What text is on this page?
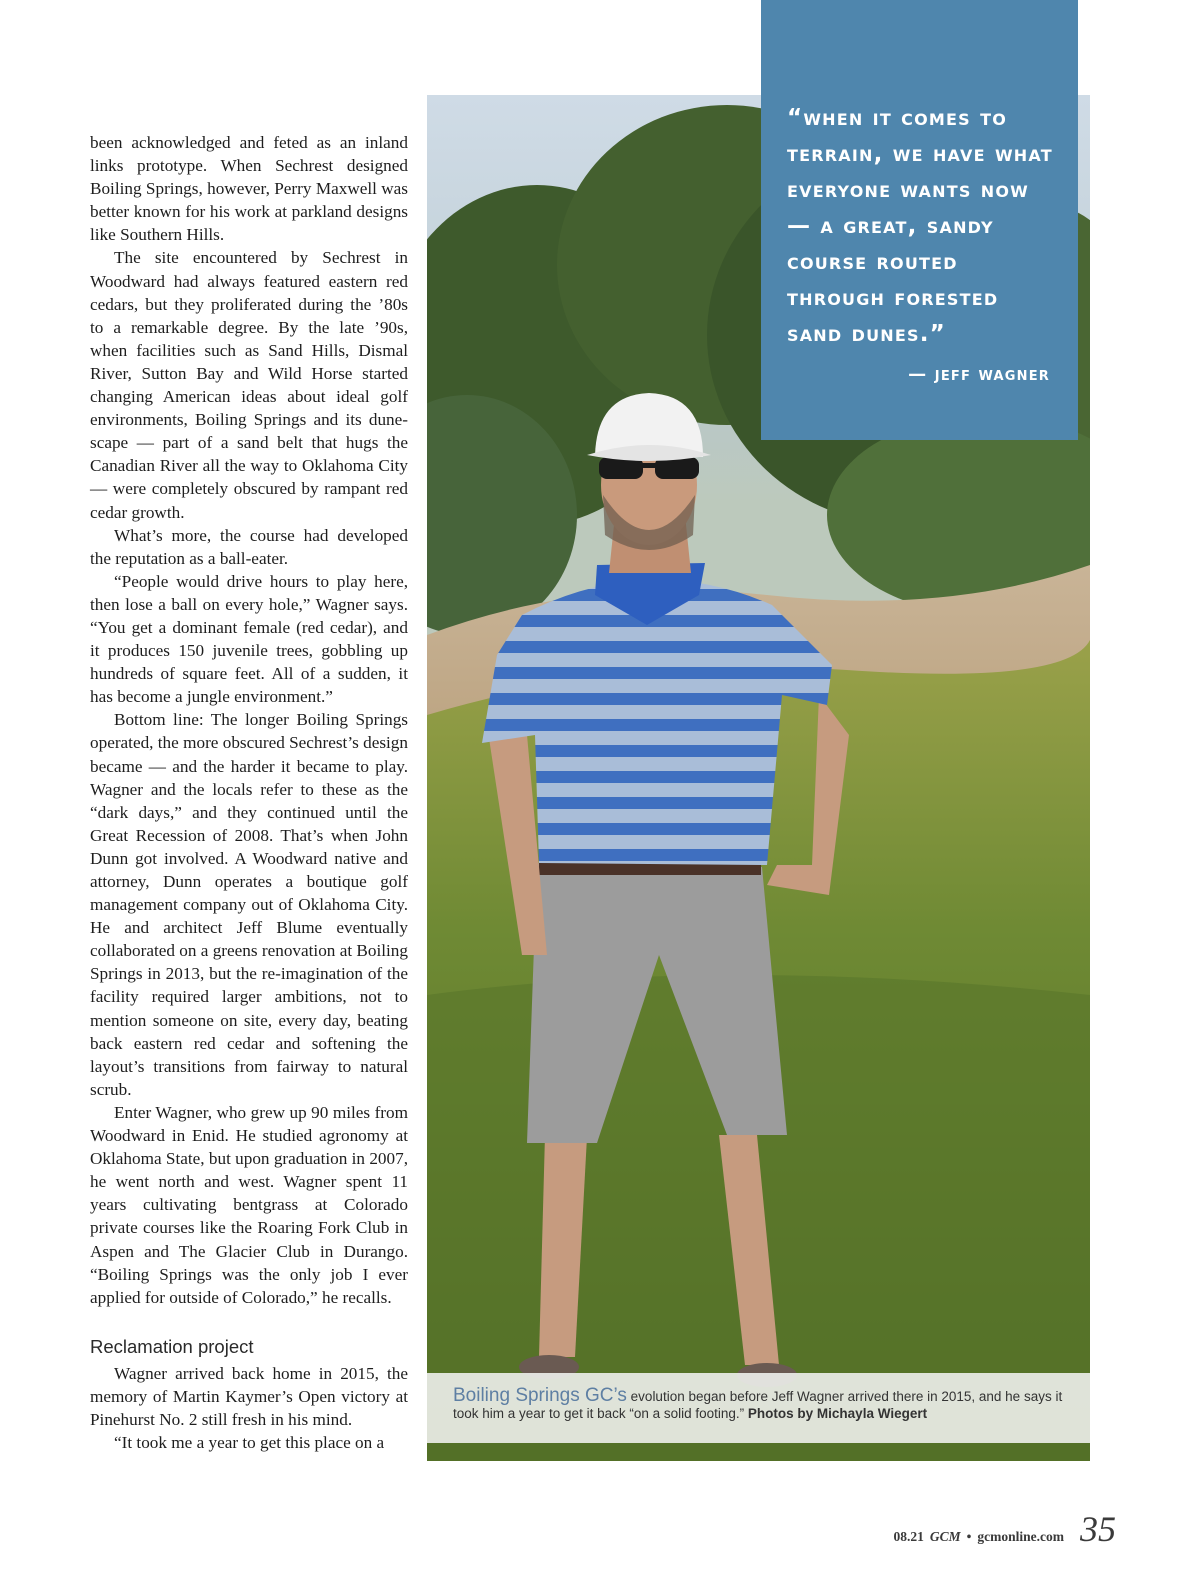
been acknowledged and feted as an inland links prototype. When Sechrest designed Boiling Springs, however, Perry Maxwell was better known for his work at parkland designs like Southern Hills.

The site encountered by Sechrest in Woodward had always featured eastern red cedars, but they proliferated during the ’80s to a remarkable degree. By the late ’90s, when facilities such as Sand Hills, Dismal River, Sutton Bay and Wild Horse started changing American ideas about ideal golf environments, Boiling Springs and its dunescape — part of a sand belt that hugs the Canadian River all the way to Oklahoma City — were completely obscured by rampant red cedar growth.

What’s more, the course had developed the reputation as a ball-eater.

“People would drive hours to play here, then lose a ball on every hole,” Wagner says. “You get a dominant female (red cedar), and it produces 150 juvenile trees, gobbling up hundreds of square feet. All of a sudden, it has become a jungle environment.”

Bottom line: The longer Boiling Springs operated, the more obscured Sechrest’s design became — and the harder it became to play. Wagner and the locals refer to these as the “dark days,” and they continued until the Great Recession of 2008. That’s when John Dunn got involved. A Woodward native and attorney, Dunn operates a boutique golf management company out of Oklahoma City. He and architect Jeff Blume eventually collaborated on a greens renovation at Boiling Springs in 2013, but the re-imagination of the facility required larger ambitions, not to mention someone on site, every day, beating back eastern red cedar and softening the layout’s transitions from fairway to natural scrub.

Enter Wagner, who grew up 90 miles from Woodward in Enid. He studied agronomy at Oklahoma State, but upon graduation in 2007, he went north and west. Wagner spent 11 years cultivating bentgrass at Colorado private courses like the Roaring Fork Club in Aspen and The Glacier Club in Durango. “Boiling Springs was the only job I ever applied for outside of Colorado,” he recalls.

Reclamation project

Wagner arrived back home in 2015, the memory of Martin Kaymer’s Open victory at Pinehurst No. 2 still fresh in his mind.

“It took me a year to get this place on a

“when it comes to terrain, we have what everyone wants now — a great, sandy course routed through forested sand dunes.”
— jeff wagner
Boiling Springs GC’s evolution began before Jeff Wagner arrived there in 2015, and he says it took him a year to get it back “on a solid footing.” Photos by Michayla Wiegert
08.21 GCM • gcmonline.com 35
